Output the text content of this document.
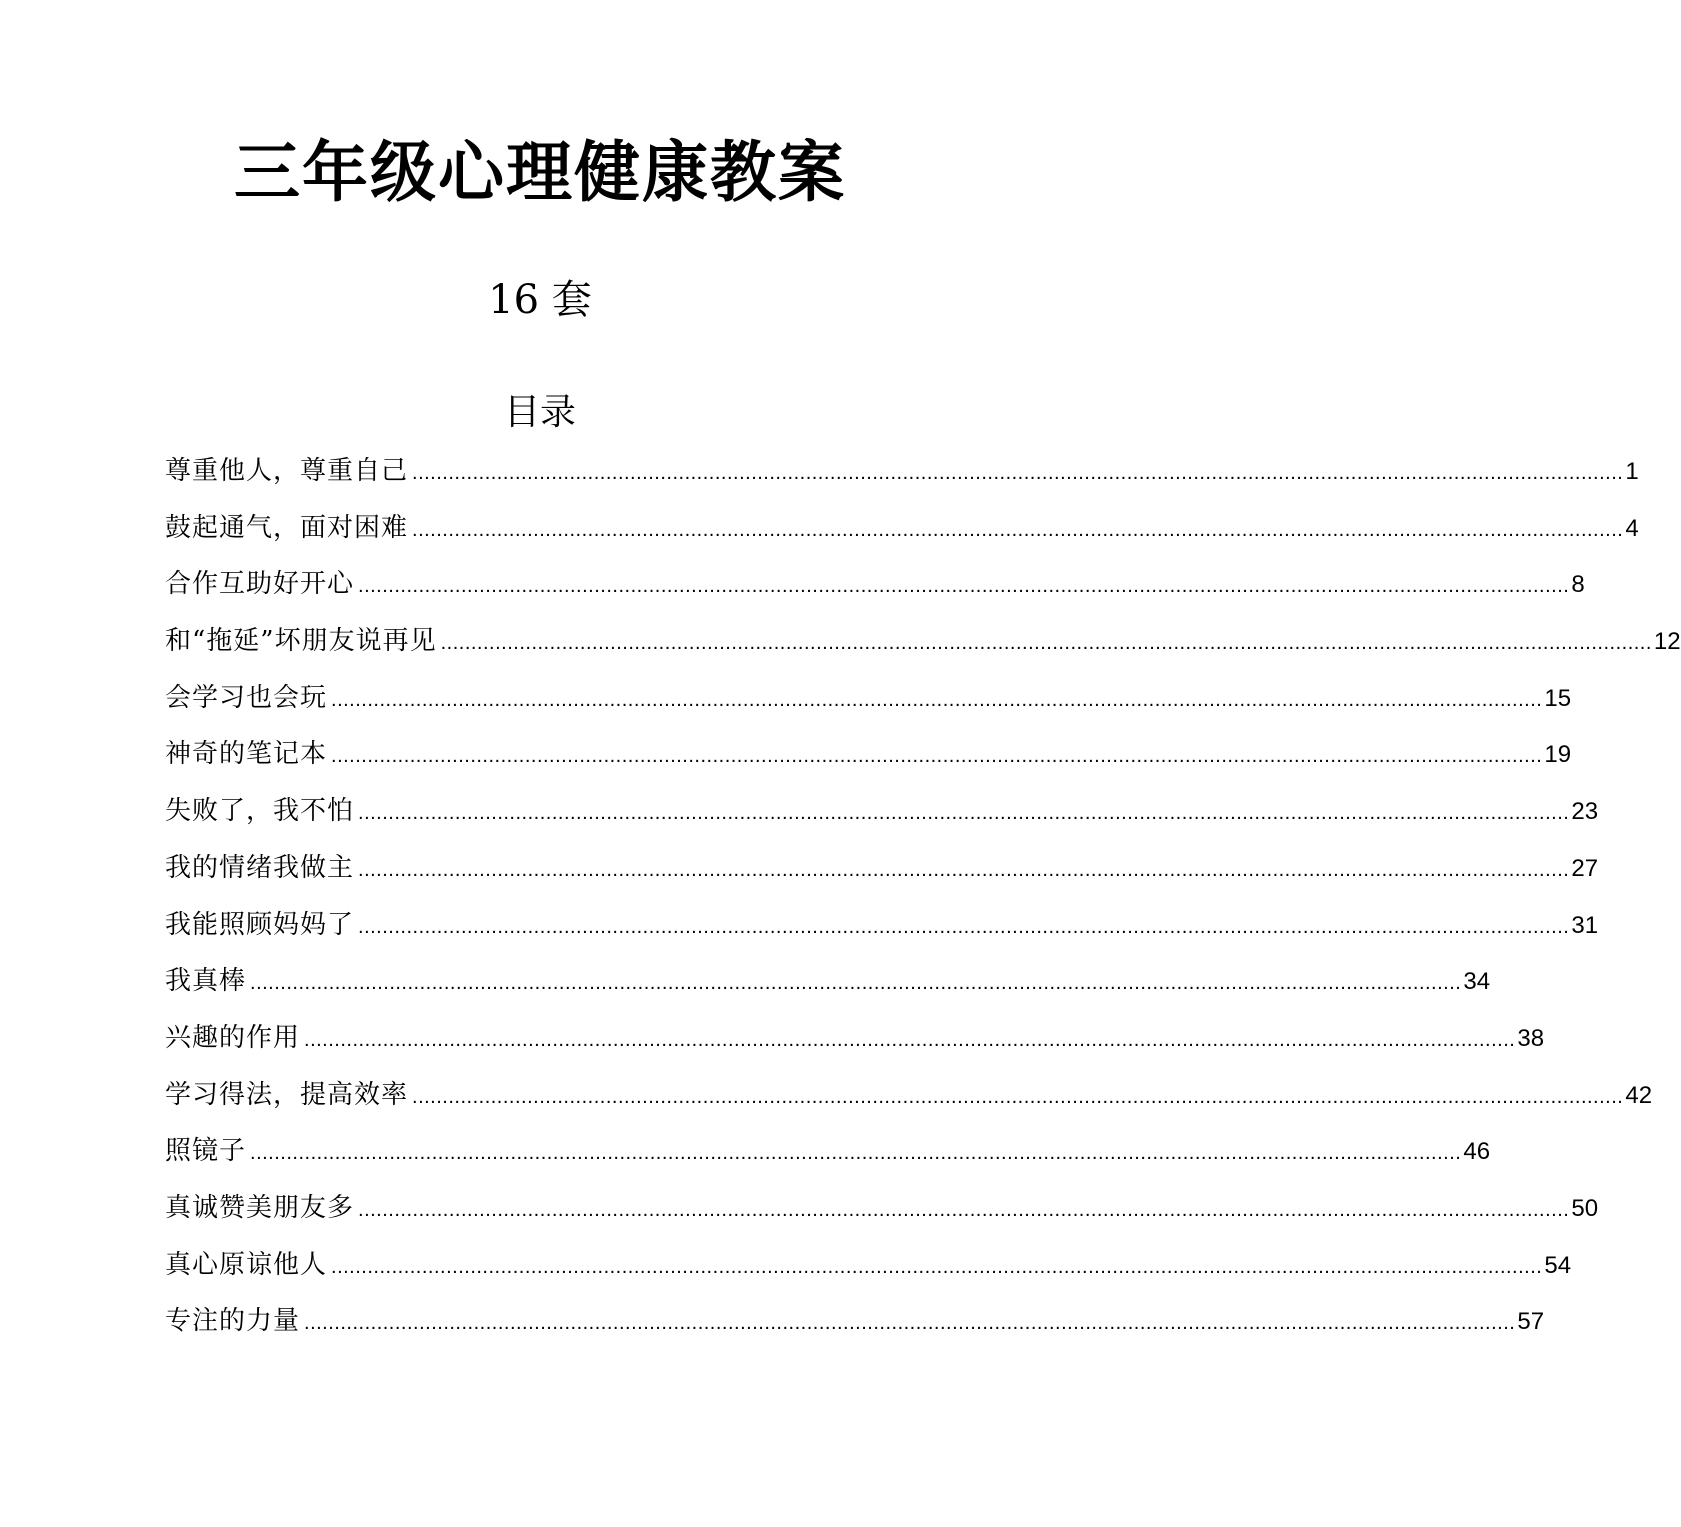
三年级心理健康教案
16 套
目录
尊重他人，尊重自己 ........................................................................................................................................................................................................ 1
鼓起通气，面对困难 ........................................................................................................................................................................................................ 4
合作互助好开心 ........................................................................................................................................................................................................ 8
和“拖延”坏朋友说再见 ........................................................................................................................................................................................................ 12
会学习也会玩 ........................................................................................................................................................................................................ 15
神奇的笔记本 ........................................................................................................................................................................................................ 19
失败了，我不怕 ........................................................................................................................................................................................................ 23
我的情绪我做主 ........................................................................................................................................................................................................ 27
我能照顾妈妈了 ........................................................................................................................................................................................................ 31
我真棒 ........................................................................................................................................................................................................ 34
兴趣的作用 ........................................................................................................................................................................................................ 38
学习得法，提高效率 ........................................................................................................................................................................................................ 42
照镜子 ........................................................................................................................................................................................................ 46
真诚赞美朋友多 ........................................................................................................................................................................................................ 50
真心原谅他人 ........................................................................................................................................................................................................ 54
专注的力量 ........................................................................................................................................................................................................ 57
